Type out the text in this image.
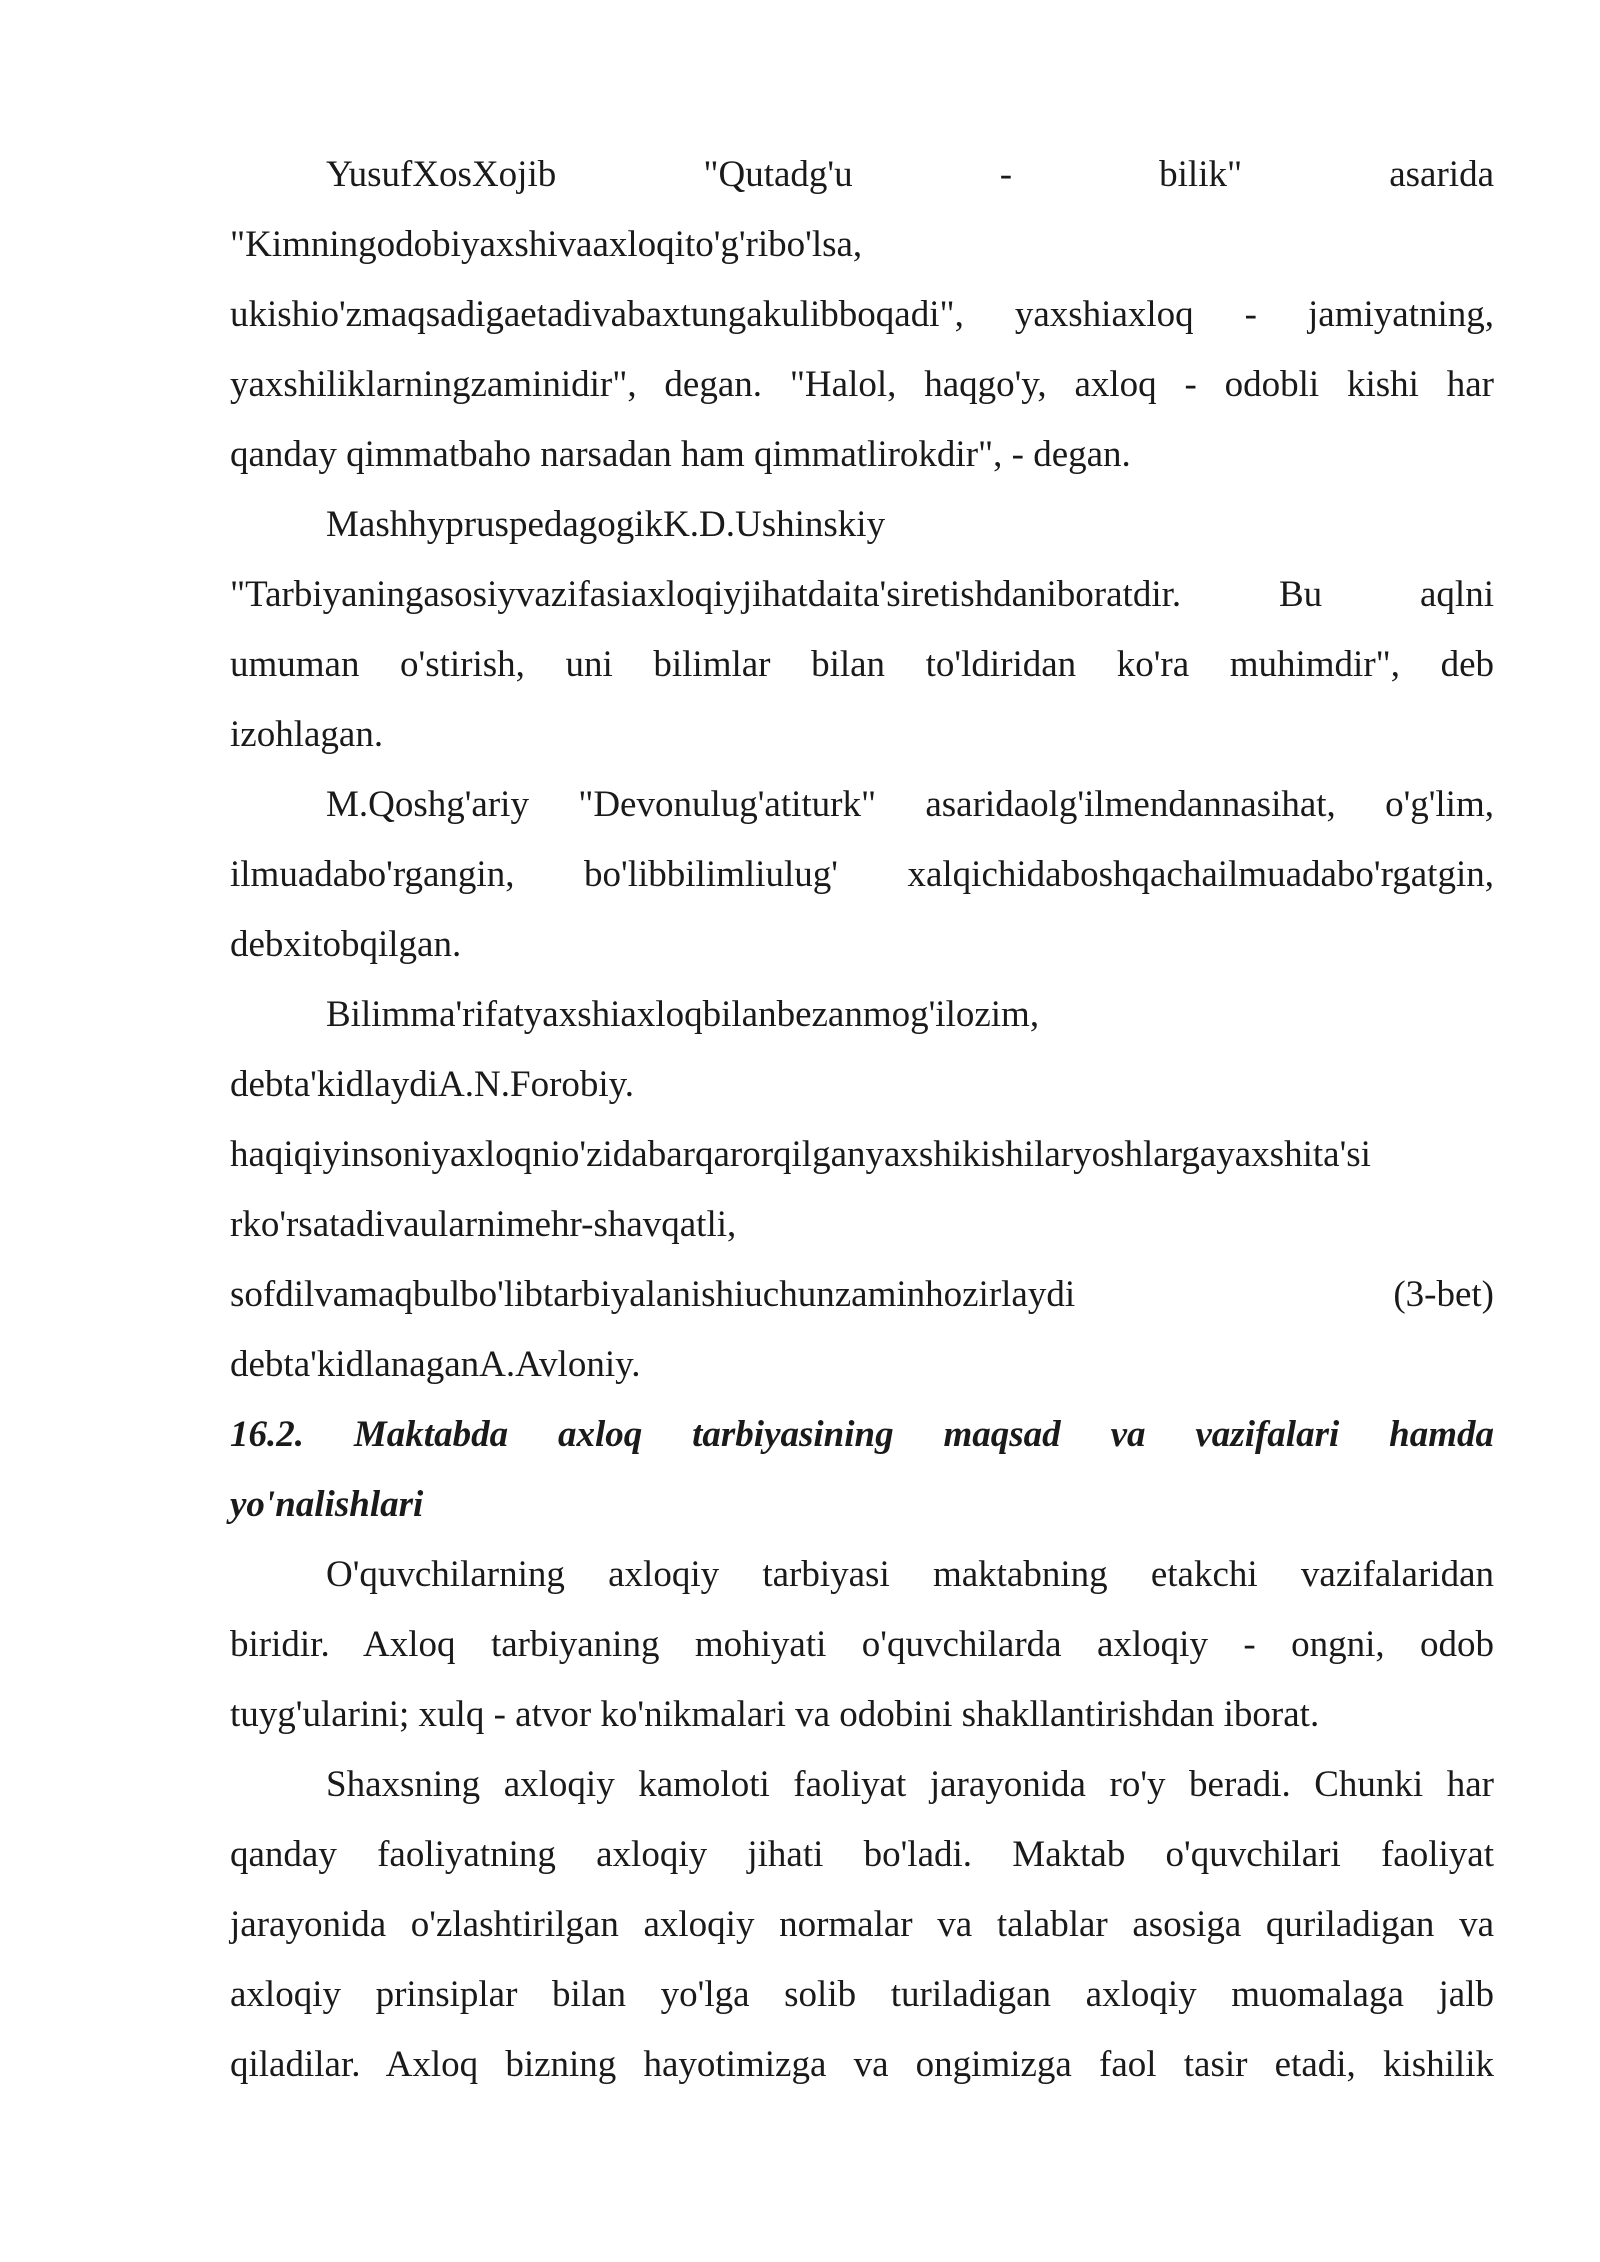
YusufXosXojib "Qutadg'u - bilik" asarida
"Kimningodobiyaxshivaaxloqito'g'ribo'lsa,
ukishio'zmaqsadigaetadivabaxtungakulibboqadi", yaxshiaxloq - jamiyatning,
yaxshiliklarningzaminidir", degan. "Halol, haqgo'y, axloq - odobli kishi har
qanday qimmatbaho narsadan ham qimmatlirokdir", - degan.

MashhypruspedagogikK.D.Ushinskiy
"Tarbiyaningasosiyvazifasiaxloqiyjihatdaita'siretishdaniboratdir. Bu aqlni
umuman o'stirish, uni bilimlar bilan to'ldiridan ko'ra muhimdir", deb
izohlagan.

M.Qoshg'ariy "Devonulug'atiturk" asaridaolg'ilmendannasihat, o'g'lim,
ilmuadabo'rgangin, bo'libbilimliulug' xalqichidaboshqachailmuadabo'rgatgin,
debxitobqilgan.

Bilimma'rifatyaxshiaxloqbilanbezanmog'ilozim,
debta'kidlaydiA.N.Forobiy.
haqiqiyinsoniyaxloqnio'zidabarqarorqilganyaxshikishilaryoshlargayaxshita'si
rko'rsatadivaularnimehr-shavqatli,
sofdilvamaqbulbo'libtarbiyalanishiuchunzaminhozirlaydi (3-bet)
debta'kidlanaganA.Avloniy.

16.2. Maktabda axloq tarbiyasining maqsad va vazifalari hamda
yo'nalishlari

O'quvchilarning axloqiy tarbiyasi maktabning etakchi vazifalaridan
biridir. Axloq tarbiyaning mohiyati o'quvchilarda axloqiy - ongni, odob
tuyg'ularini; xulq - atvor ko'nikmalari va odobini shakllantirishdan iborat.

Shaxsning axloqiy kamoloti faoliyat jarayonida ro'y beradi. Chunki har
qanday faoliyatning axloqiy jihati bo'ladi. Maktab o'quvchilari faoliyat
jarayonida o'zlashtirilgan axloqiy normalar va talablar asosiga quriladigan va
axloqiy prinsiplar bilan yo'lga solib turiladigan axloqiy muomalaga jalb
qiladilar. Axloq bizning hayotimizga va ongimizga faol tasir etadi, kishilik
